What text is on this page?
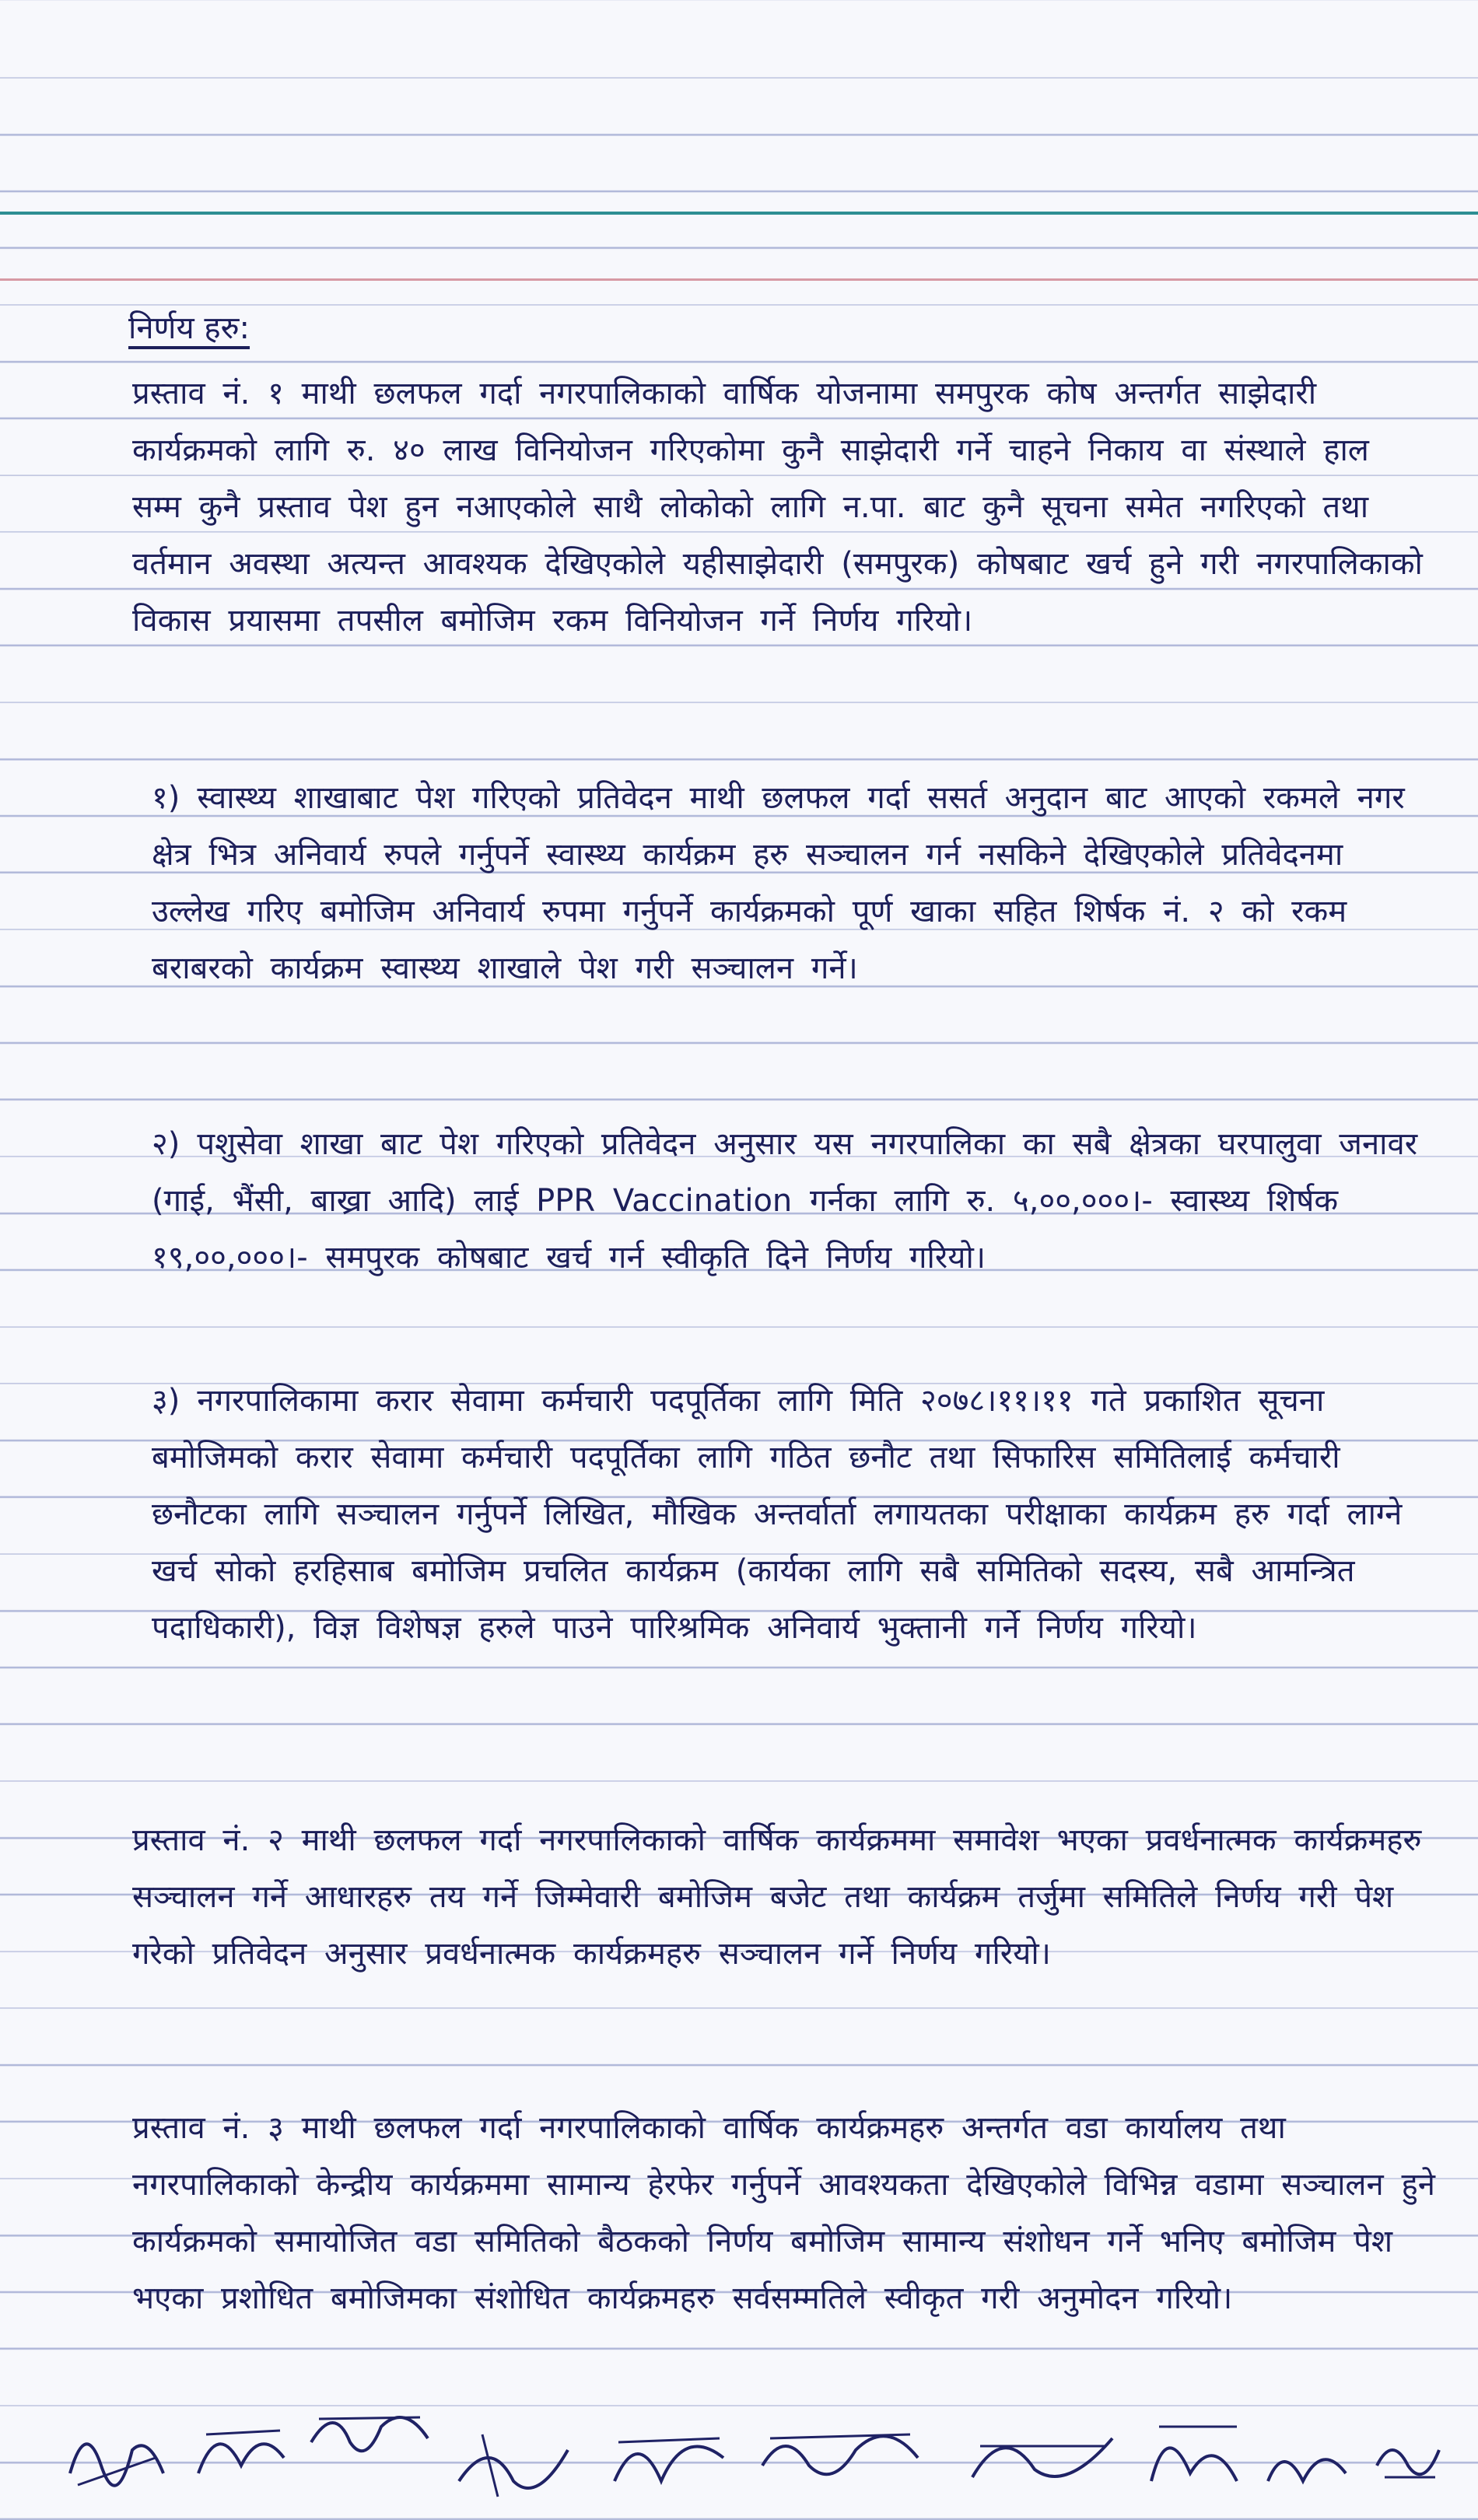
निर्णय हरु:
प्रस्ताव नं. १ माथी छलफल गर्दा नगरपालिकाको वार्षिक योजनामा समपुरक कोष अन्तर्गत साझेदारी कार्यक्रमको लागि रु. ४० लाख विनियोजन गरिएकोमा कुनै साझेदारी गर्ने चाहने निकाय वा संस्थाले हाल सम्म कुनै प्रस्ताव पेश हुन नआएकोले साथै लोकोको लागि न.पा. बाट कुनै सूचना समेत नगरिएको तथा वर्तमान अवस्था अत्यन्त आवश्यक देखिएकोले यहीसाझेदारी (समपुरक) कोषबाट खर्च हुने गरी नगरपालिकाको विकास प्रयासमा तपसील बमोजिम रकम विनियोजन गर्ने निर्णय गरियो।
१) स्वास्थ्य शाखाबाट पेश गरिएको प्रतिवेदन माथी छलफल गर्दा ससर्त अनुदान बाट आएको रकमले नगर क्षेत्र भित्र अनिवार्य रुपले गर्नुपर्ने स्वास्थ्य कार्यक्रम हरु सञ्चालन गर्न नसकिने देखिएकोले प्रतिवेदनमा उल्लेख गरिए बमोजिम अनिवार्य रुपमा गर्नुपर्ने कार्यक्रमको पूर्ण खाका सहित शिर्षक नं. २ को रकम बराबरको कार्यक्रम स्वास्थ्य शाखाले पेश गरी सञ्चालन गर्ने।
२) पशुसेवा शाखा बाट पेश गरिएको प्रतिवेदन अनुसार यस नगरपालिका का सबै क्षेत्रका घरपालुवा जनावर (गाई, भैंसी, बाख्रा आदि) लाई PPR Vaccination गर्नका लागि रु. ५,००,०००।- स्वास्थ्य शिर्षक १९,००,०००।- समपुरक कोषबाट खर्च गर्न स्वीकृति दिने निर्णय गरियो।
३) नगरपालिकामा करार सेवामा कर्मचारी पदपूर्तिका लागि मिति २०७८।११।११ गते प्रकाशित सूचना बमोजिमको करार सेवामा कर्मचारी पदपूर्तिका लागि गठित छनौट तथा सिफारिस समितिलाई कर्मचारी छनौटका लागि सञ्चालन गर्नुपर्ने लिखित, मौखिक अन्तर्वार्ता लगायतका परीक्षाका कार्यक्रम हरु गर्दा लाग्ने खर्च सोको हरहिसाब बमोजिम प्रचलित कार्यक्रम (कार्यका लागि सबै समितिको सदस्य, सबै आमन्त्रित पदाधिकारी), विज्ञ विशेषज्ञ हरुले पाउने पारिश्रमिक अनिवार्य भुक्तानी गर्ने निर्णय गरियो।
प्रस्ताव नं. २ माथी छलफल गर्दा नगरपालिकाको वार्षिक कार्यक्रममा समावेश भएका प्रवर्धनात्मक कार्यक्रमहरु सञ्चालन गर्ने आधारहरु तय गर्ने जिम्मेवारी बमोजिम बजेट तथा कार्यक्रम तर्जुमा समितिले निर्णय गरी पेश गरेको प्रतिवेदन अनुसार प्रवर्धनात्मक कार्यक्रमहरु सञ्चालन गर्ने निर्णय गरियो।
प्रस्ताव नं. ३ माथी छलफल गर्दा नगरपालिकाको वार्षिक कार्यक्रमहरु अन्तर्गत वडा कार्यालय तथा नगरपालिकाको केन्द्रीय कार्यक्रममा सामान्य हेरफेर गर्नुपर्ने आवश्यकता देखिएकोले विभिन्न वडामा सञ्चालन हुने कार्यक्रमको समायोजित वडा समितिको बैठकको निर्णय बमोजिम सामान्य संशोधन गर्ने भनिए बमोजिम पेश भएका प्रशोधित बमोजिमका संशोधित कार्यक्रमहरु सर्वसम्मतिले स्वीकृत गरी अनुमोदन गरियो।
